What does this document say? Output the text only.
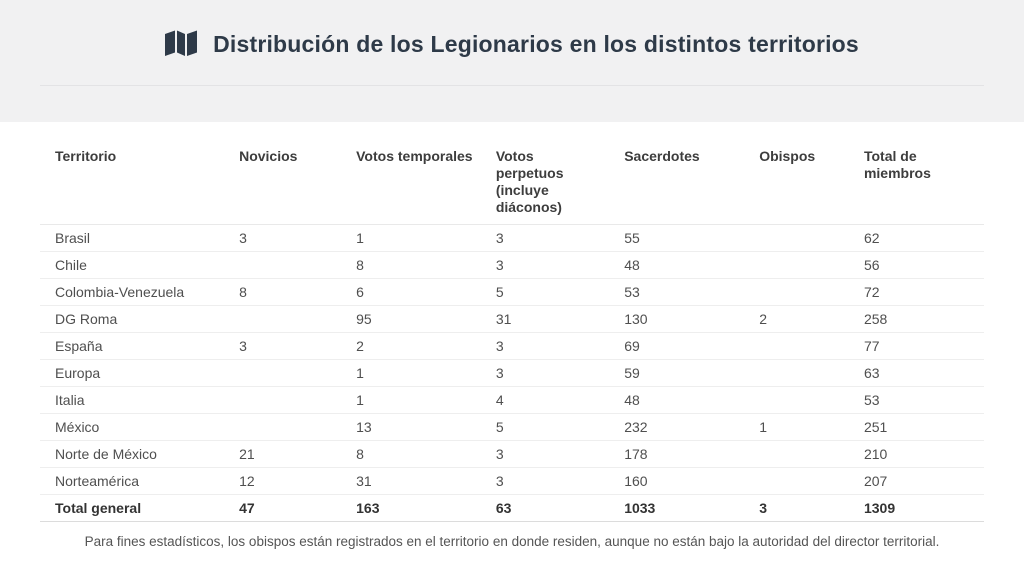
Distribución de los Legionarios en los distintos territorios
Territorio	Novicios	Votos temporales	Votos perpetuos (incluye diáconos)	Sacerdotes	Obispos	Total de miembros
Brasil	3	1	3	55		62
Chile		8	3	48		56
Colombia-Venezuela	8	6	5	53		72
DG Roma		95	31	130	2	258
España	3	2	3	69		77
Europa		1	3	59		63
Italia		1	4	48		53
México		13	5	232	1	251
Norte de México	21	8	3	178		210
Norteamérica	12	31	3	160		207
Total general	47	163	63	1033	3	1309
Para fines estadísticos, los obispos están registrados en el territorio en donde residen, aunque no están bajo la autoridad del director territorial.
